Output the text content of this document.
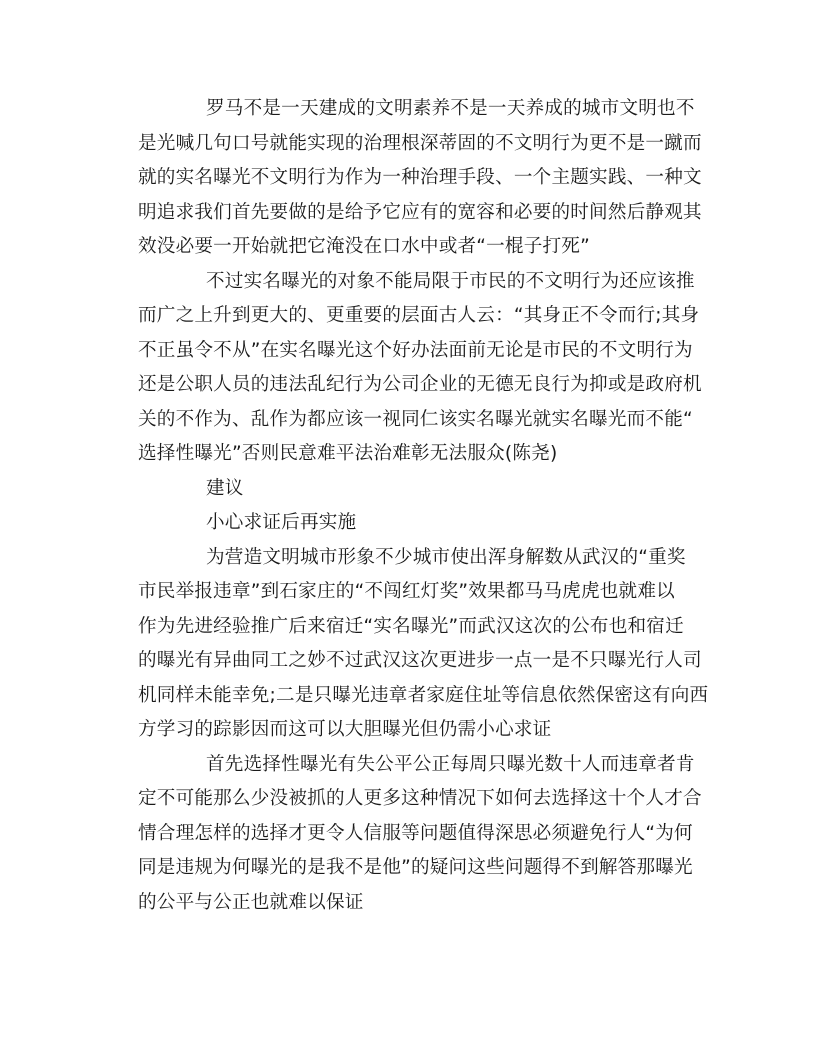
罗马不是一天建成的文明素养不是一天养成的城市文明也不
是光喊几句口号就能实现的治理根深蒂固的不文明行为更不是一蹴而
就的实名曝光不文明行为作为一种治理手段、一个主题实践、一种文
明追求我们首先要做的是给予它应有的宽容和必要的时间然后静观其
效没必要一开始就把它淹没在口水中或者“一棍子打死”
不过实名曝光的对象不能局限于市民的不文明行为还应该推
而广之上升到更大的、更重要的层面古人云：“其身正不令而行;其身
不正虽令不从”在实名曝光这个好办法面前无论是市民的不文明行为
还是公职人员的违法乱纪行为公司企业的无德无良行为抑或是政府机
关的不作为、乱作为都应该一视同仁该实名曝光就实名曝光而不能“
选择性曝光”否则民意难平法治难彰无法服众(陈尧)
建议
小心求证后再实施
为营造文明城市形象不少城市使出浑身解数从武汉的“重奖
市民举报违章”到石家庄的“不闯红灯奖”效果都马马虎虎也就难以
作为先进经验推广后来宿迁“实名曝光”而武汉这次的公布也和宿迁
的曝光有异曲同工之妙不过武汉这次更进步一点一是不只曝光行人司
机同样未能幸免;二是只曝光违章者家庭住址等信息依然保密这有向西
方学习的踪影因而这可以大胆曝光但仍需小心求证
首先选择性曝光有失公平公正每周只曝光数十人而违章者肯
定不可能那么少没被抓的人更多这种情况下如何去选择这十个人才合
情合理怎样的选择才更令人信服等问题值得深思必须避免行人“为何
同是违规为何曝光的是我不是他”的疑问这些问题得不到解答那曝光
的公平与公正也就难以保证
